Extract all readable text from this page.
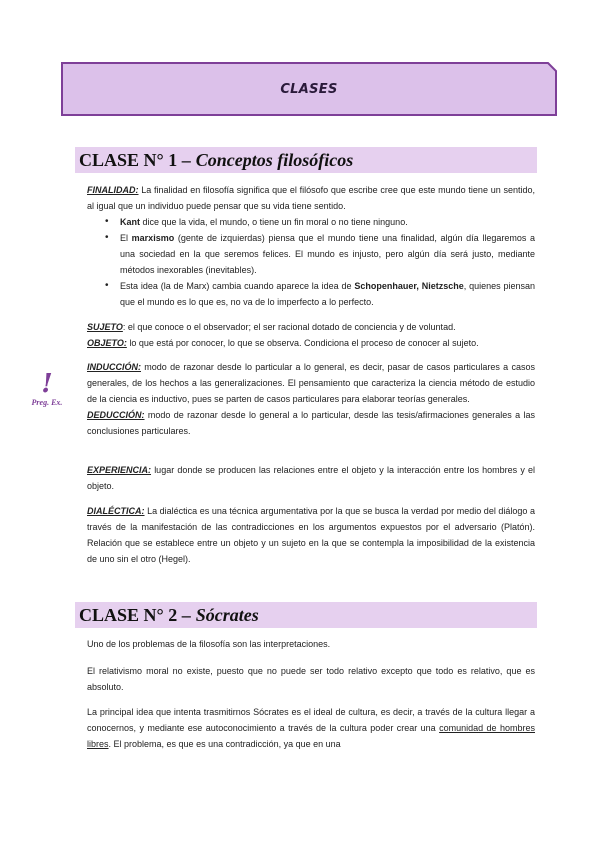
CLASES
CLASE N° 1 – Conceptos filosóficos
FINALIDAD: La finalidad en filosofía significa que el filósofo que escribe cree que este mundo tiene un sentido, al igual que un individuo puede pensar que su vida tiene sentido.
• Kant dice que la vida, el mundo, o tiene un fin moral o no tiene ninguno.
• El marxismo (gente de izquierdas) piensa que el mundo tiene una finalidad, algún día llegaremos a una sociedad en la que seremos felices. El mundo es injusto, pero algún día será justo, mediante métodos inexorables (inevitables).
• Esta idea (la de Marx) cambia cuando aparece la idea de Schopenhauer, Nietzsche, quienes piensan que el mundo es lo que es, no va de lo imperfecto a lo perfecto.
SUJETO: el que conoce o el observador; el ser racional dotado de conciencia y de voluntad.
OBJETO: lo que está por conocer, lo que se observa. Condiciona el proceso de conocer al sujeto.
!
Preg. Ex.
INDUCCIÓN: modo de razonar desde lo particular a lo general, es decir, pasar de casos particulares a casos generales, de los hechos a las generalizaciones. El pensamiento que caracteriza la ciencia método de estudio de la ciencia es inductivo, pues se parten de casos particulares para elaborar teorías generales.
DEDUCCIÓN: modo de razonar desde lo general a lo particular, desde las tesis/afirmaciones generales a las conclusiones particulares.
EXPERIENCIA: lugar donde se producen las relaciones entre el objeto y la interacción entre los hombres y el objeto.
DIALÉCTICA: La dialéctica es una técnica argumentativa por la que se busca la verdad por medio del diálogo a través de la manifestación de las contradicciones en los argumentos expuestos por el adversario (Platón). Relación que se establece entre un objeto y un sujeto en la que se contempla la imposibilidad de la existencia de uno sin el otro (Hegel).
CLASE N° 2 – Sócrates
Uno de los problemas de la filosofía son las interpretaciones.
El relativismo moral no existe, puesto que no puede ser todo relativo excepto que todo es relativo, que es absoluto.
La principal idea que intenta trasmitirnos Sócrates es el ideal de cultura, es decir, a través de la cultura llegar a conocernos, y mediante ese autoconocimiento a través de la cultura poder crear una comunidad de hombres libres. El problema, es que es una contradicción, ya que en una
